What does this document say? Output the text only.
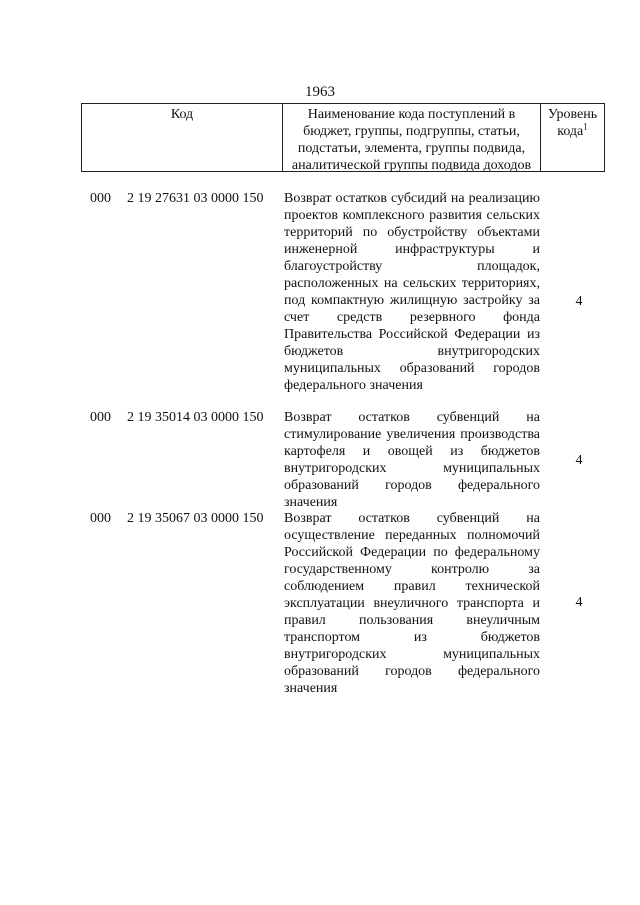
1963
Код	Наименование кода поступлений в бюджет, группы, подгруппы, статьи, подстатьи, элемента, группы подвида, аналитической группы подвида доходов
Уровень кода$^1$
000 2 19 27631 03 0000 150 Возврат остатков субсидий на реализацию проектов комплексного развития сельских территорий по обустройству объектами инженерной инфраструктуры и благоустройству площадок, расположенных на сельских территориях, под компактную жилищную застройку за счет средств резервного фонда Правительства Российской Федерации из бюджетов внутригородских муниципальных образований городов федерального значения
4
000 2 19 35014 03 0000 150 Возврат остатков субвенций на стимулирование увеличения производства картофеля и овощей из бюджетов внутригородских муниципальных образований городов федерального значения
4
000 2 19 35067 03 0000 150 Возврат остатков субвенций на осуществление переданных полномочий Российской Федерации по федеральному государственному контролю за соблюдением правил технической эксплуатации внеуличного транспорта и правил пользования внеуличным транспортом из бюджетов внутригородских муниципальных образований городов федерального значения
4
